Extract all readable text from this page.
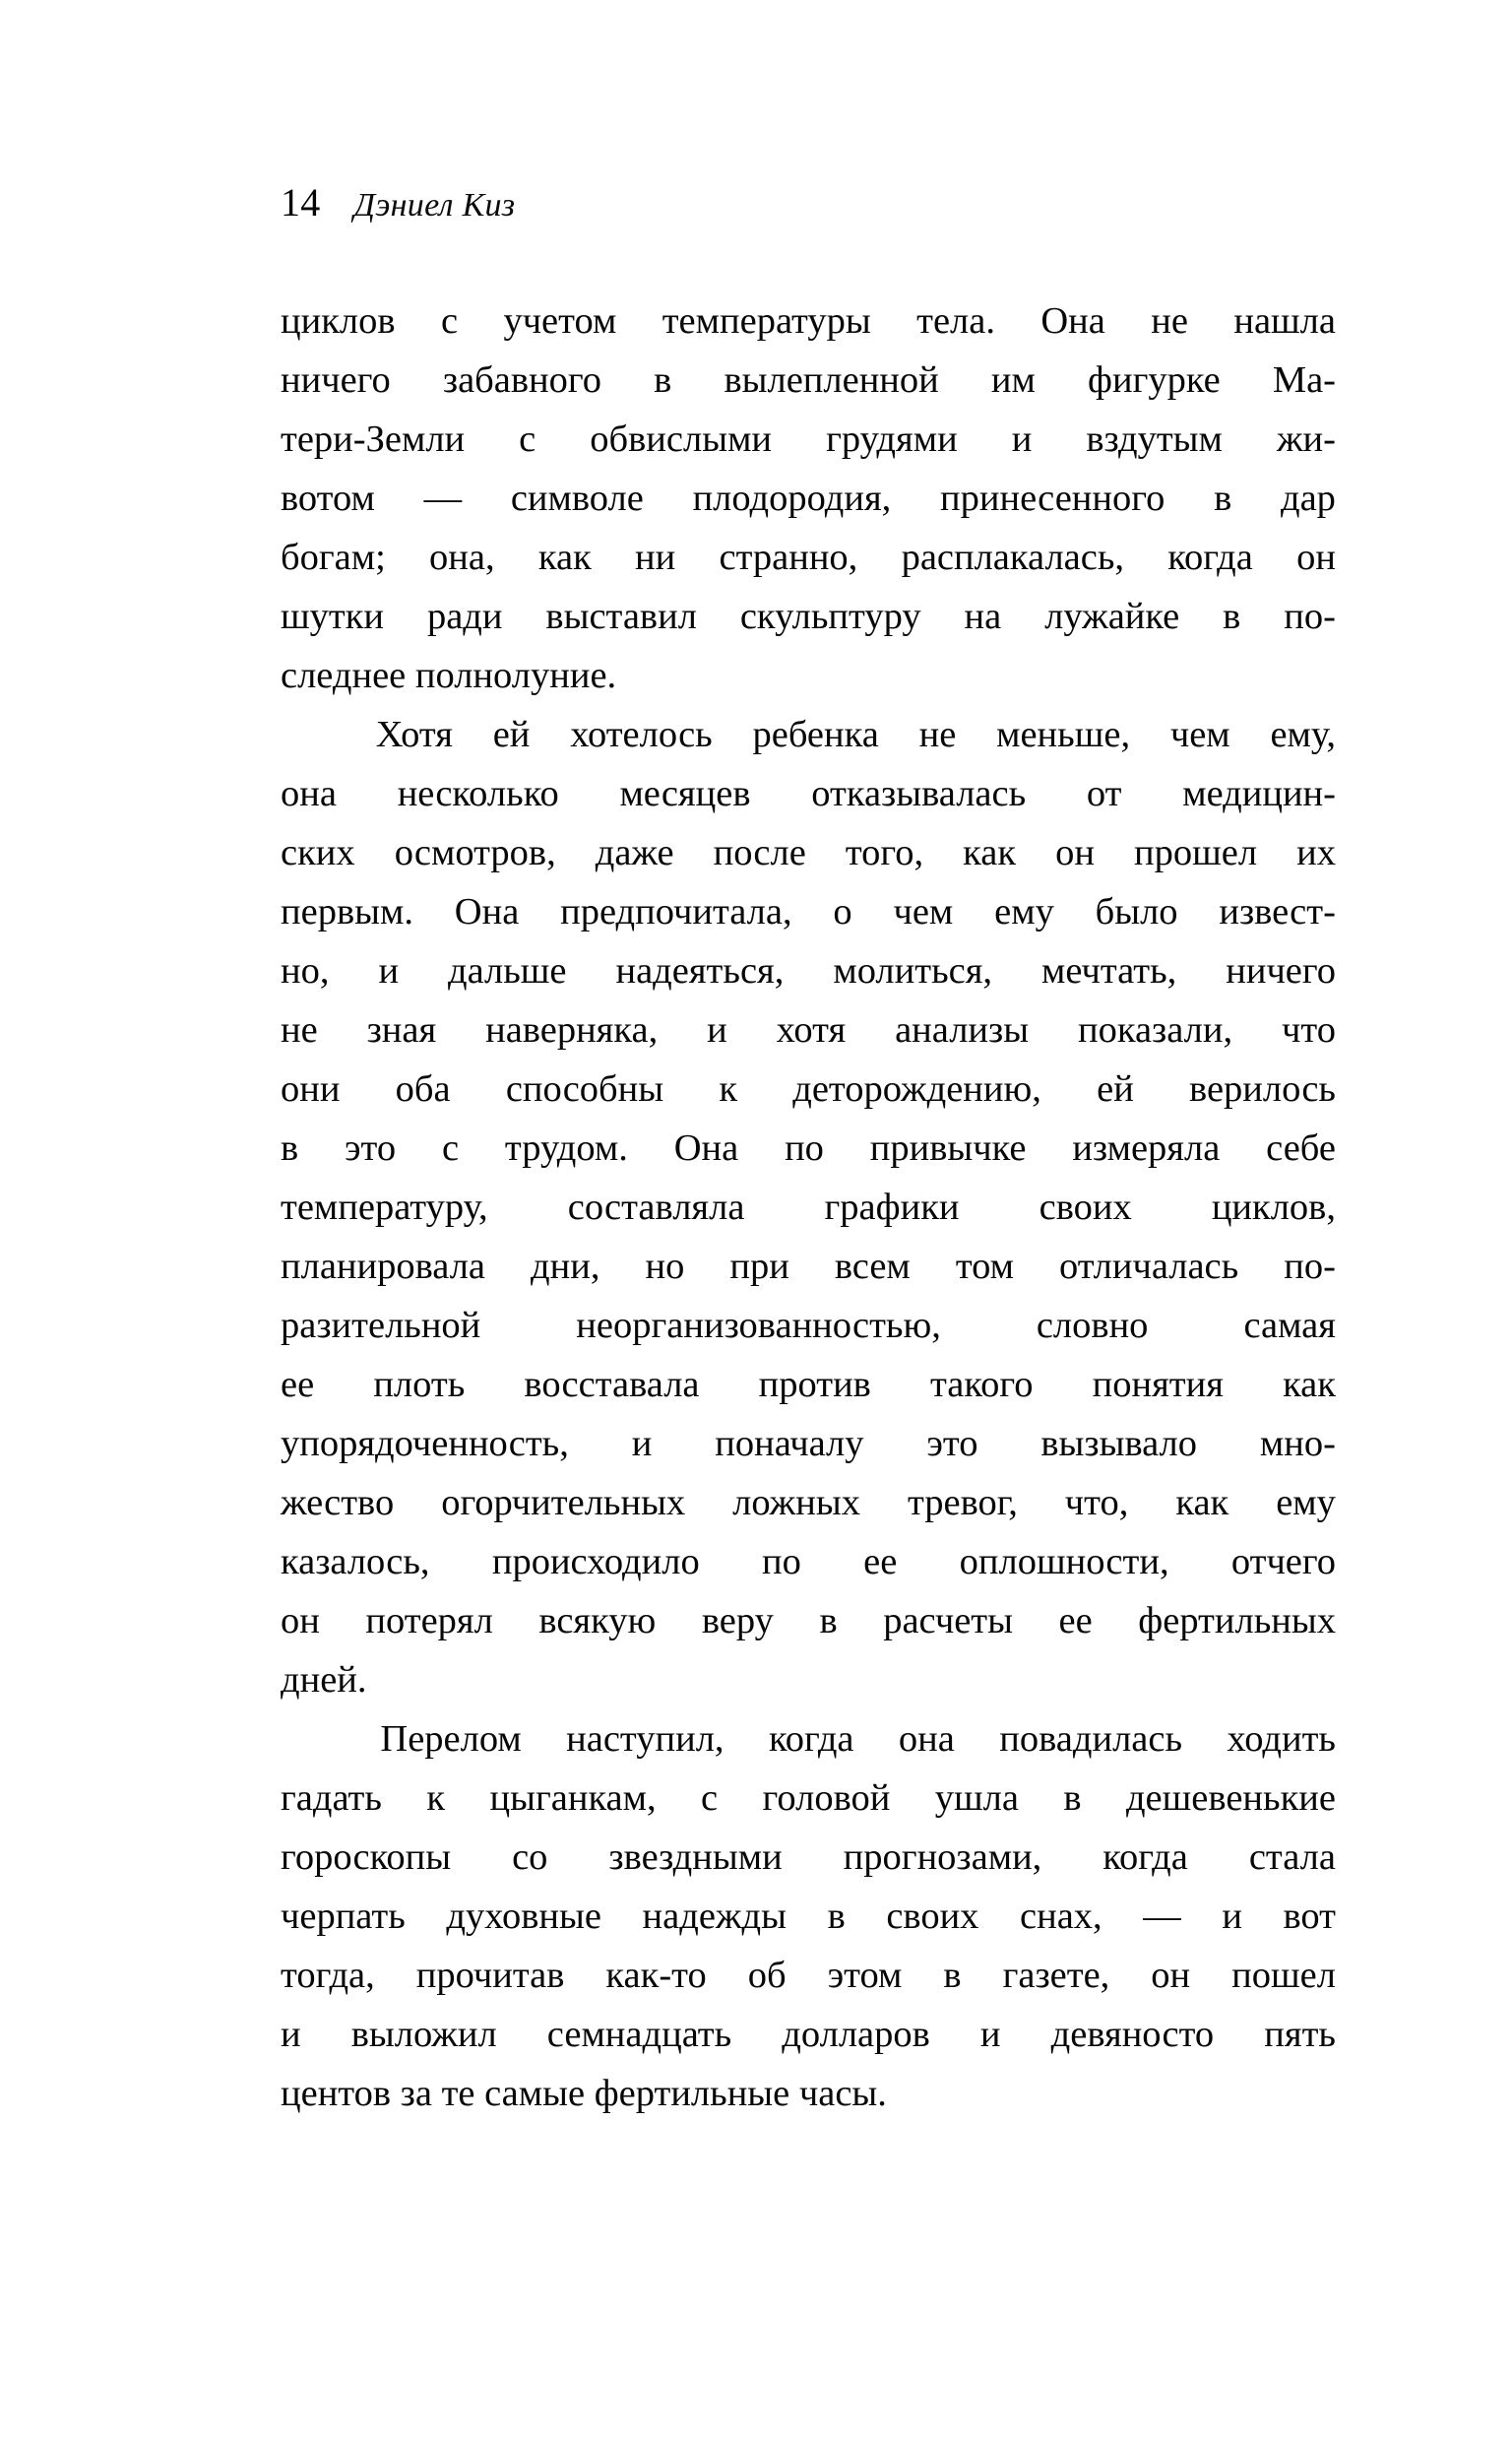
14 Дэниел Киз

циклов с учетом температуры тела. Она не нашла
ничего забавного в вылепленной им фигурке Ма-
тери-Земли с обвислыми грудями и вздутым жи-
вотом — символе плодородия, принесенного в дар
богам; она, как ни странно, расплакалась, когда он
шутки ради выставил скульптуру на лужайке в по-
следнее полнолуние.

Хотя ей хотелось ребенка не меньше, чем ему,
она несколько месяцев отказывалась от медицин-
ских осмотров, даже после того, как он прошел их
первым. Она предпочитала, о чем ему было извест-
но, и дальше надеяться, молиться, мечтать, ничего
не зная наверняка, и хотя анализы показали, что
они оба способны к деторождению, ей верилось
в это с трудом. Она по привычке измеряла себе
температуру, составляла графики своих циклов,
планировала дни, но при всем том отличалась по-
разительной	неорганизованностью,	словно	самая
ее плоть восставала против такого понятия как
упорядоченность, и поначалу это вызывало мно-
жество огорчительных ложных тревог, что, как ему
казалось, происходило по ее оплошности, отчего
он потерял всякую веру в расчеты ее фертильных
дней.

Перелом наступил, когда она повадилась ходить
гадать к цыганкам, с головой ушла в дешевенькие
гороскопы со звездными прогнозами, когда стала
черпать духовные надежды в своих снах, — и вот
тогда, прочитав как-то об этом в газете, он пошел
и выложил семнадцать долларов и девяносто пять
центов за те самые фертильные часы.
